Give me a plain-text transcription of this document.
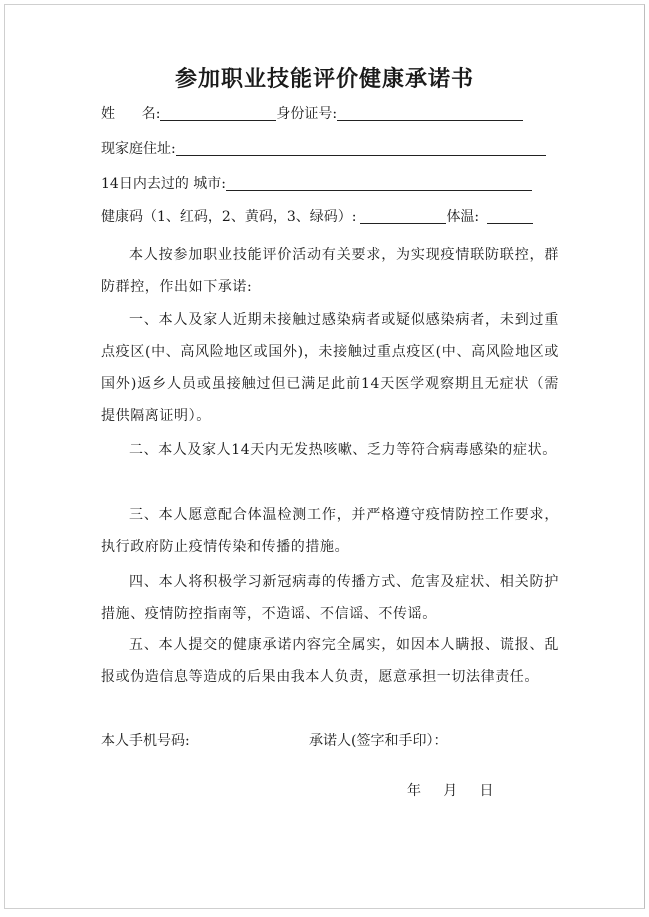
参加职业技能评价健康承诺书
姓      名:	身份证号:
现家庭住址:
14日内去过的 城市:
健康码（1、红码，2、黄码，3、绿码）:	体温:
本人按参加职业技能评价活动有关要求，为实现疫情联防联控，群防群控，作出如下承诺:
一、本人及家人近期未接触过感染病者或疑似感染病者，未到过重点疫区(中、高风险地区或国外)，未接触过重点疫区(中、高风险地区或国外)返乡人员或虽接触过但已满足此前14天医学观察期且无症状（需提供隔离证明）。
二、本人及家人14天内无发热咳嗽、乏力等符合病毒感染的症状。
三、本人愿意配合体温检测工作，并严格遵守疫情防控工作要求，执行政府防止疫情传染和传播的措施。
四、本人将积极学习新冠病毒的传播方式、危害及症状、相关防护措施、疫情防控指南等，不造谣、不信谣、不传谣。
五、本人提交的健康承诺内容完全属实，如因本人瞒报、谎报、乱报或伪造信息等造成的后果由我本人负责，愿意承担一切法律责任。
本人手机号码:	承诺人(签字和手印）：
年     月     日
